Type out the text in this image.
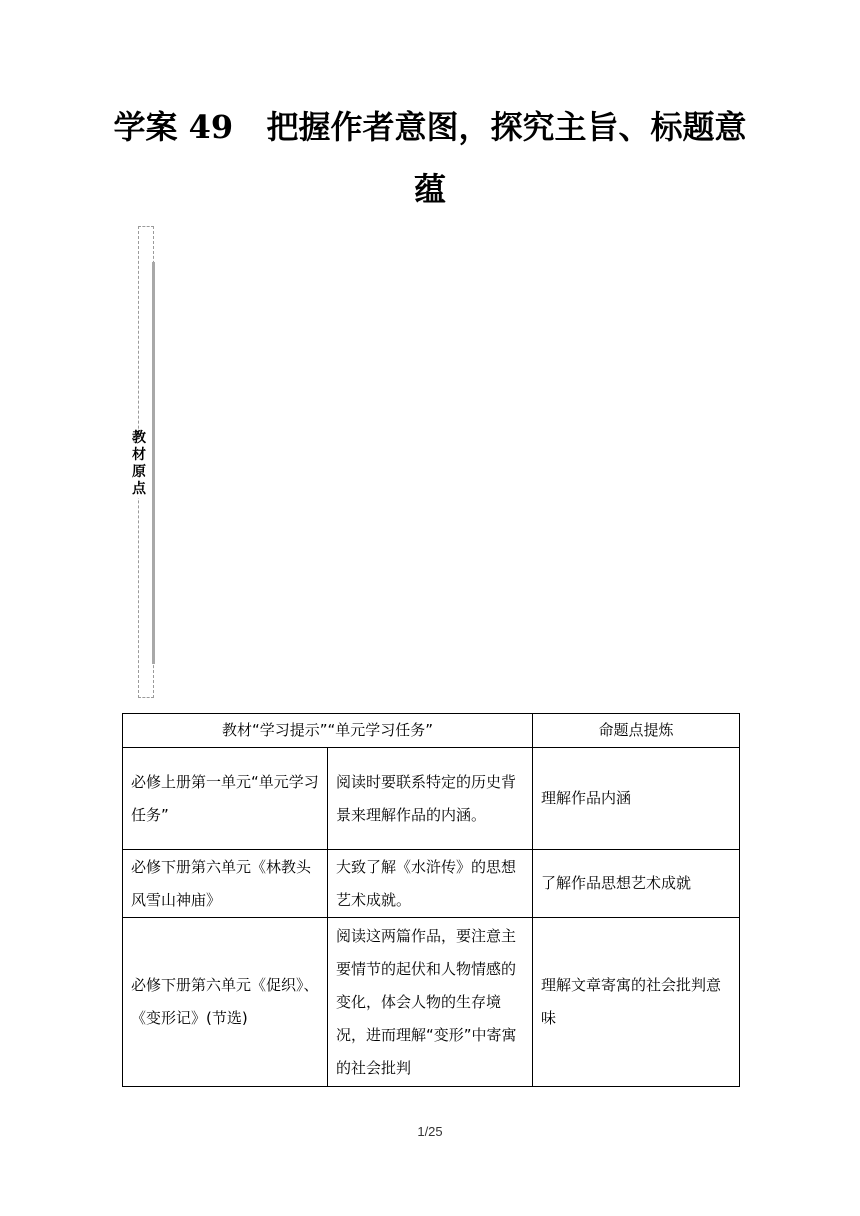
学案 49 把握作者意图，探究主旨、标题意
蕴
教
材
原
点
教材“学习提示”“单元学习任务”		命题点提炼
必修上册第一单元“单元学习任务”	阅读时要联系特定的历史背景来理解作品的内涵。	理解作品内涵
必修下册第六单元《林教头风雪山神庙》	大致了解《水浒传》的思想艺术成就。	了解作品思想艺术成就
必修下册第六单元《促织》、《变形记》(节选)	阅读这两篇作品，要注意主要情节的起伏和人物情感的变化，体会人物的生存境况，进而理解“变形”中寄寓的社会批判	理解文章寄寓的社会批判意味
1/25
